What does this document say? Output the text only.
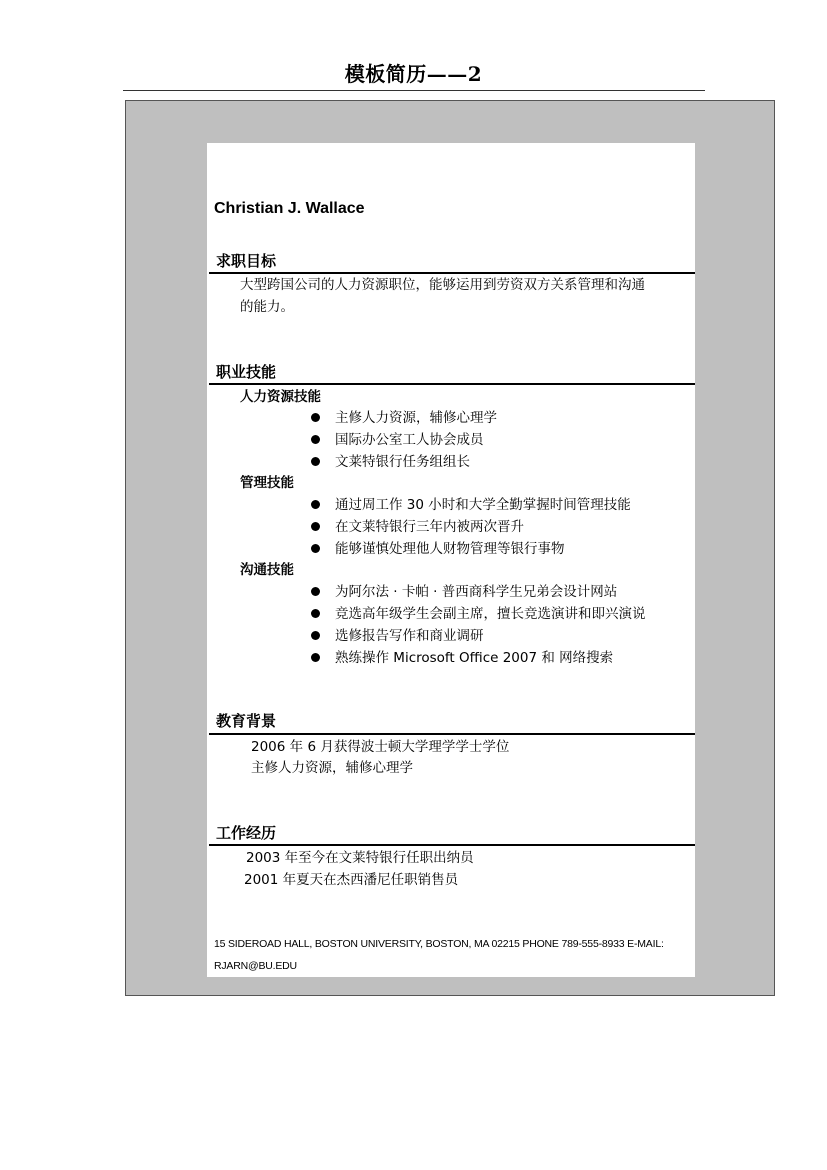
模板简历——2
Christian J. Wallace
求职目标
大型跨国公司的人力资源职位，能够运用到劳资双方关系管理和沟通
的能力。
职业技能
人力资源技能
主修人力资源，辅修心理学
国际办公室工人协会成员
文莱特银行任务组组长
管理技能
通过周工作 30 小时和大学全勤掌握时间管理技能
在文莱特银行三年内被两次晋升
能够谨慎处理他人财物管理等银行事物
沟通技能
为阿尔法 · 卡帕 · 普西商科学生兄弟会设计网站
竞选高年级学生会副主席，擅长竞选演讲和即兴演说
选修报告写作和商业调研
熟练操作 Microsoft Office 2007 和 网络搜索
教育背景
2006 年 6 月获得波士顿大学理学学士学位
主修人力资源，辅修心理学
工作经历
2003 年至今在文莱特银行任职出纳员
2001 年夏天在杰西潘尼任职销售员
15 SIDEROAD HALL, BOSTON UNIVERSITY, BOSTON, MA 02215 PHONE 789-555-8933 E-MAIL:
RJARN@BU.EDU
